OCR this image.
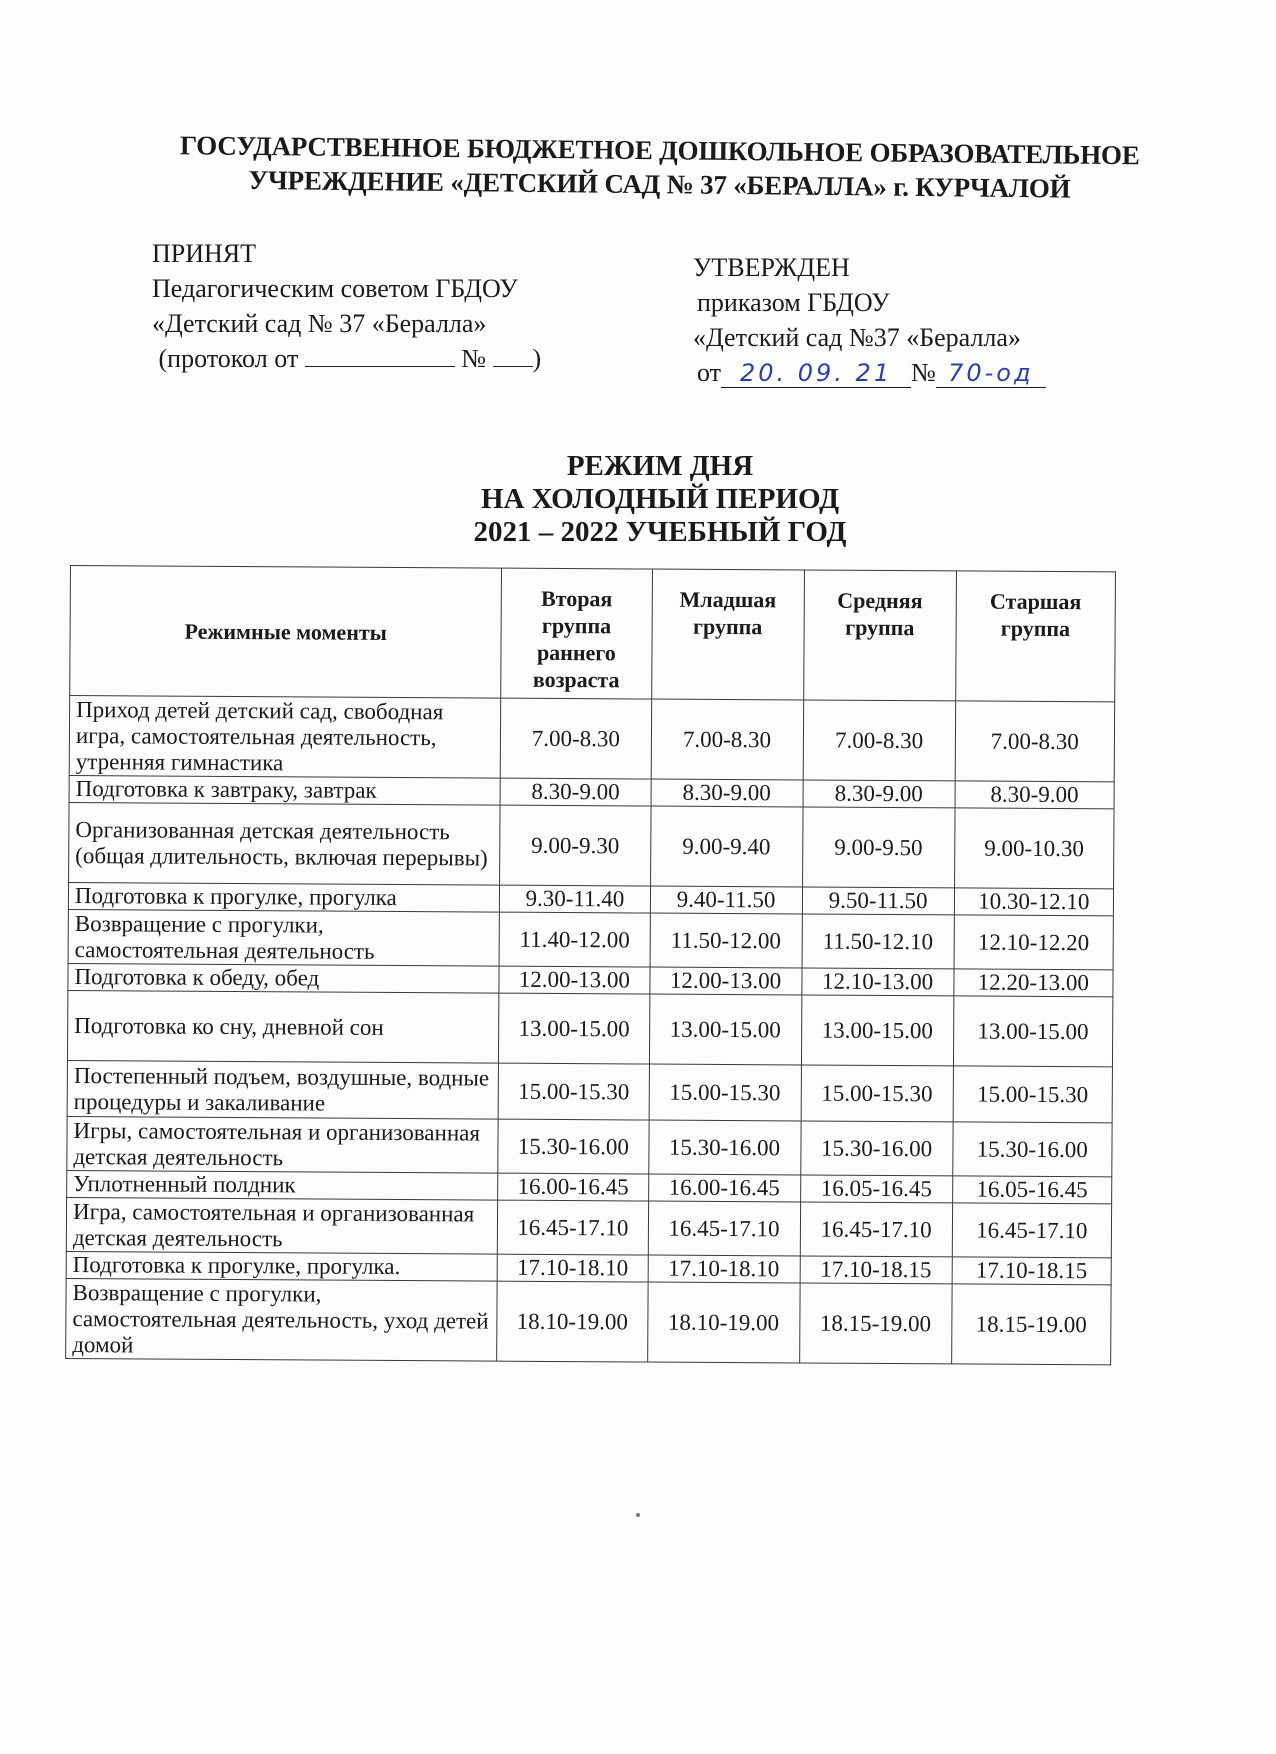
ГОСУДАРСТВЕННОЕ БЮДЖЕТНОЕ ДОШКОЛЬНОЕ ОБРАЗОВАТЕЛЬНОЕ
УЧРЕЖДЕНИЕ «ДЕТСКИЙ САД № 37 «БЕРАЛЛА» г. КУРЧАЛОЙ
ПРИНЯТ
Педагогическим советом ГБДОУ
«Детский сад № 37 «Бералла»
(протокол от	№ )
УТВЕРЖДЕН
приказом ГБДОУ
«Детский сад №37 «Бералла»
от 20. 09. 21 № 70-од
РЕЖИМ ДНЯ
НА ХОЛОДНЫЙ ПЕРИОД
2021 – 2022 УЧЕБНЫЙ ГОД
Режимные моменты	Вторая группа раннего возраста	Младшая группа	Средняя группа	Старшая группа
Приход детей детский сад, свободная игра, самостоятельная деятельность, утренняя гимнастика	7.00-8.30	7.00-8.30	7.00-8.30	7.00-8.30
Подготовка к завтраку, завтрак	8.30-9.00	8.30-9.00	8.30-9.00	8.30-9.00
Организованная детская деятельность (общая длительность, включая перерывы)	9.00-9.30	9.00-9.40	9.00-9.50	9.00-10.30
Подготовка к прогулке, прогулка	9.30-11.40	9.40-11.50	9.50-11.50	10.30-12.10
Возвращение с прогулки, самостоятельная деятельность	11.40-12.00	11.50-12.00	11.50-12.10	12.10-12.20
Подготовка к обеду, обед	12.00-13.00	12.00-13.00	12.10-13.00	12.20-13.00
Подготовка ко сну, дневной сон	13.00-15.00	13.00-15.00	13.00-15.00	13.00-15.00
Постепенный подъем, воздушные, водные процедуры и закаливание	15.00-15.30	15.00-15.30	15.00-15.30	15.00-15.30
Игры, самостоятельная и организованная детская деятельность	15.30-16.00	15.30-16.00	15.30-16.00	15.30-16.00
Уплотненный полдник	16.00-16.45	16.00-16.45	16.05-16.45	16.05-16.45
Игра, самостоятельная и организованная детская деятельность	16.45-17.10	16.45-17.10	16.45-17.10	16.45-17.10
Подготовка к прогулке, прогулка.	17.10-18.10	17.10-18.10	17.10-18.15	17.10-18.15
Возвращение с прогулки, самостоятельная деятельность, уход детей домой	18.10-19.00	18.10-19.00	18.15-19.00	18.15-19.00
